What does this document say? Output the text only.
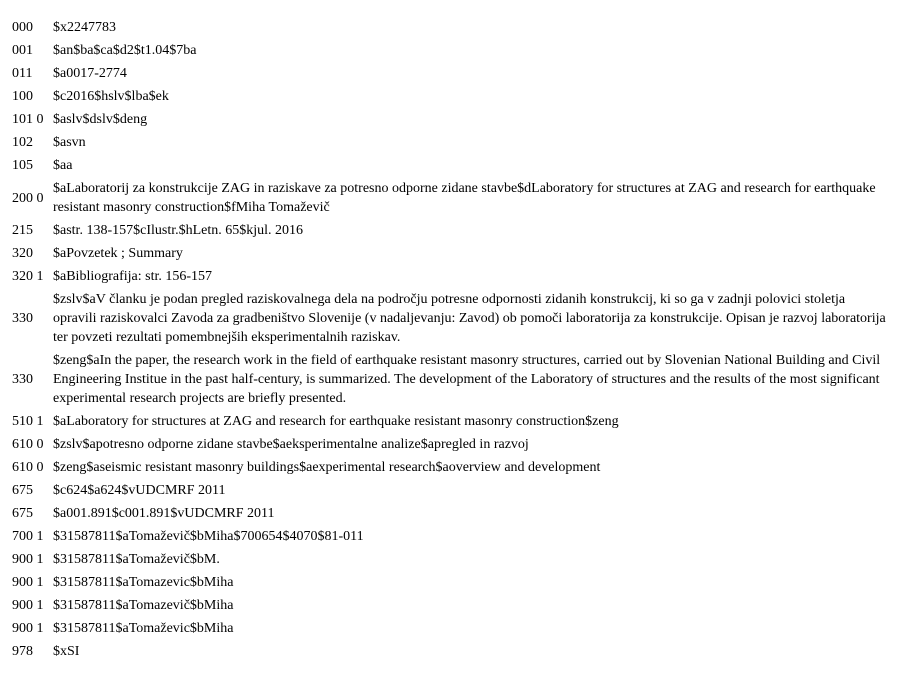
000	$x2247783
001	$an$ba$ca$d2$t1.04$7ba
011	$a0017-2774
100	$c2016$hslv$lba$ek
101 0	$aslv$dslv$deng
102	$asvn
105	$aa
200 0	$aLaboratorij za konstrukcije ZAG in raziskave za potresno odporne zidane stavbe$dLaboratory for structures at ZAG and research for earthquake resistant masonry construction$fMiha Tomaževič
215	$astr. 138-157$cIlustr.$hLetn. 65$kjul. 2016
320	$aPovzetek ; Summary
320 1	$aBibliografija: str. 156-157
330	$zslv$aV članku je podan pregled raziskovalnega dela na področju potresne odpornosti zidanih konstrukcij, ki so ga v zadnji polovici stoletja opravili raziskovalci Zavoda za gradbeništvo Slovenije (v nadaljevanju: Zavod) ob pomoči laboratorija za konstrukcije. Opisan je razvoj laboratorija ter povzeti rezultati pomembnejših eksperimentalnih raziskav.
330	$zeng$aIn the paper, the research work in the field of earthquake resistant masonry structures, carried out by Slovenian National Building and Civil Engineering Institue in the past half-century, is summarized. The development of the Laboratory of structures and the results of the most significant experimental research projects are briefly presented.
510 1	$aLaboratory for structures at ZAG and research for earthquake resistant masonry construction$zeng
610 0	$zslv$apotresno odporne zidane stavbe$aeksperimentalne analize$apregled in razvoj
610 0	$zeng$aseismic resistant masonry buildings$aexperimental research$aoverview and development
675	$c624$a624$vUDCMRF 2011
675	$a001.891$c001.891$vUDCMRF 2011
700 1	$31587811$aTomaževič$bMiha$700654$4070$81-011
900 1	$31587811$aTomaževič$bM.
900 1	$31587811$aTomazevic$bMiha
900 1	$31587811$aTomazevič$bMiha
900 1	$31587811$aTomaževic$bMiha
978	$xSI
